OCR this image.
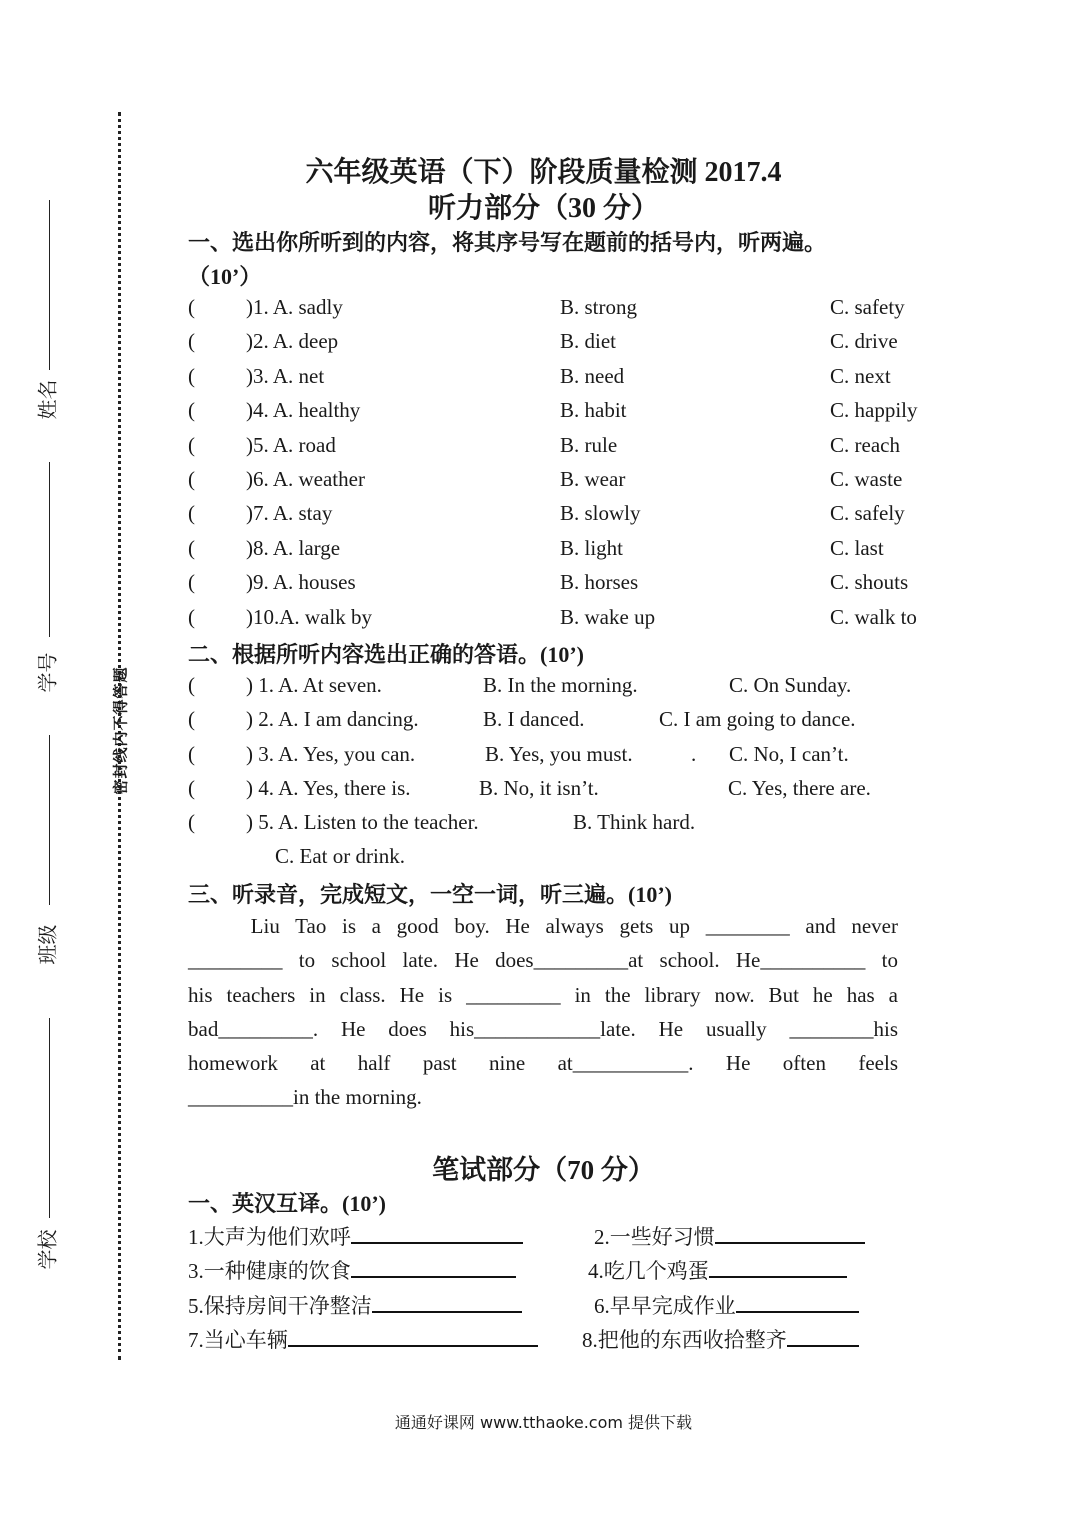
姓名
学号
班级
学校
密封线内不得答题
六年级英语（下）阶段质量检测 2017.4
听力部分（30 分）
一、选出你所听到的内容，将其序号写在题前的括号内，听两遍。
（10’）
( )1. A. sadly	B. strong	C. safety
( )2. A. deep	B. diet	C. drive
( )3. A. net	B. need	C. next
( )4. A. healthy	B. habit	C. happily
( )5. A. road	B. rule	C. reach
( )6. A. weather	B. wear	C. waste
( )7. A. stay	B. slowly	C. safely
( )8. A. large	B. light	C. last
( )9. A. houses	B. horses	C. shouts
( )10.A. walk by	B. wake up	C. walk to
二、根据所听内容选出正确的答语。(10’)
( ) 1. A. At seven.	B. In the morning.	C. On Sunday.
( ) 2. A. I am dancing.	B. I danced.	C. I am going to dance.
( ) 3. A. Yes, you can.	B. Yes, you must.	. C. No, I can’t.
( ) 4. A. Yes, there is.	B. No, it isn’t.	C. Yes, there are.
( ) 5. A. Listen to the teacher.	B. Think hard.
C. Eat or drink.
三、听录音，完成短文，一空一词，听三遍。(10’)

Liu Tao is a good boy. He always gets up ________ and never

_________ to school late. He does_________at school. He__________ to

his teachers in class. He is _________ in the library now. But he has a

bad_________. He does his____________late. He usually ________his

homework at half past nine at___________. He often feels

__________in the morning.

笔试部分（70 分）
一、英汉互译。(10’)
1.大声为他们欢呼	2.一些好习惯
3.一种健康的饮食	4.吃几个鸡蛋
5.保持房间干净整洁	6.早早完成作业
7.当心车辆	8.把他的东西收拾整齐
通通好课网 www.tthaoke.com 提供下载
